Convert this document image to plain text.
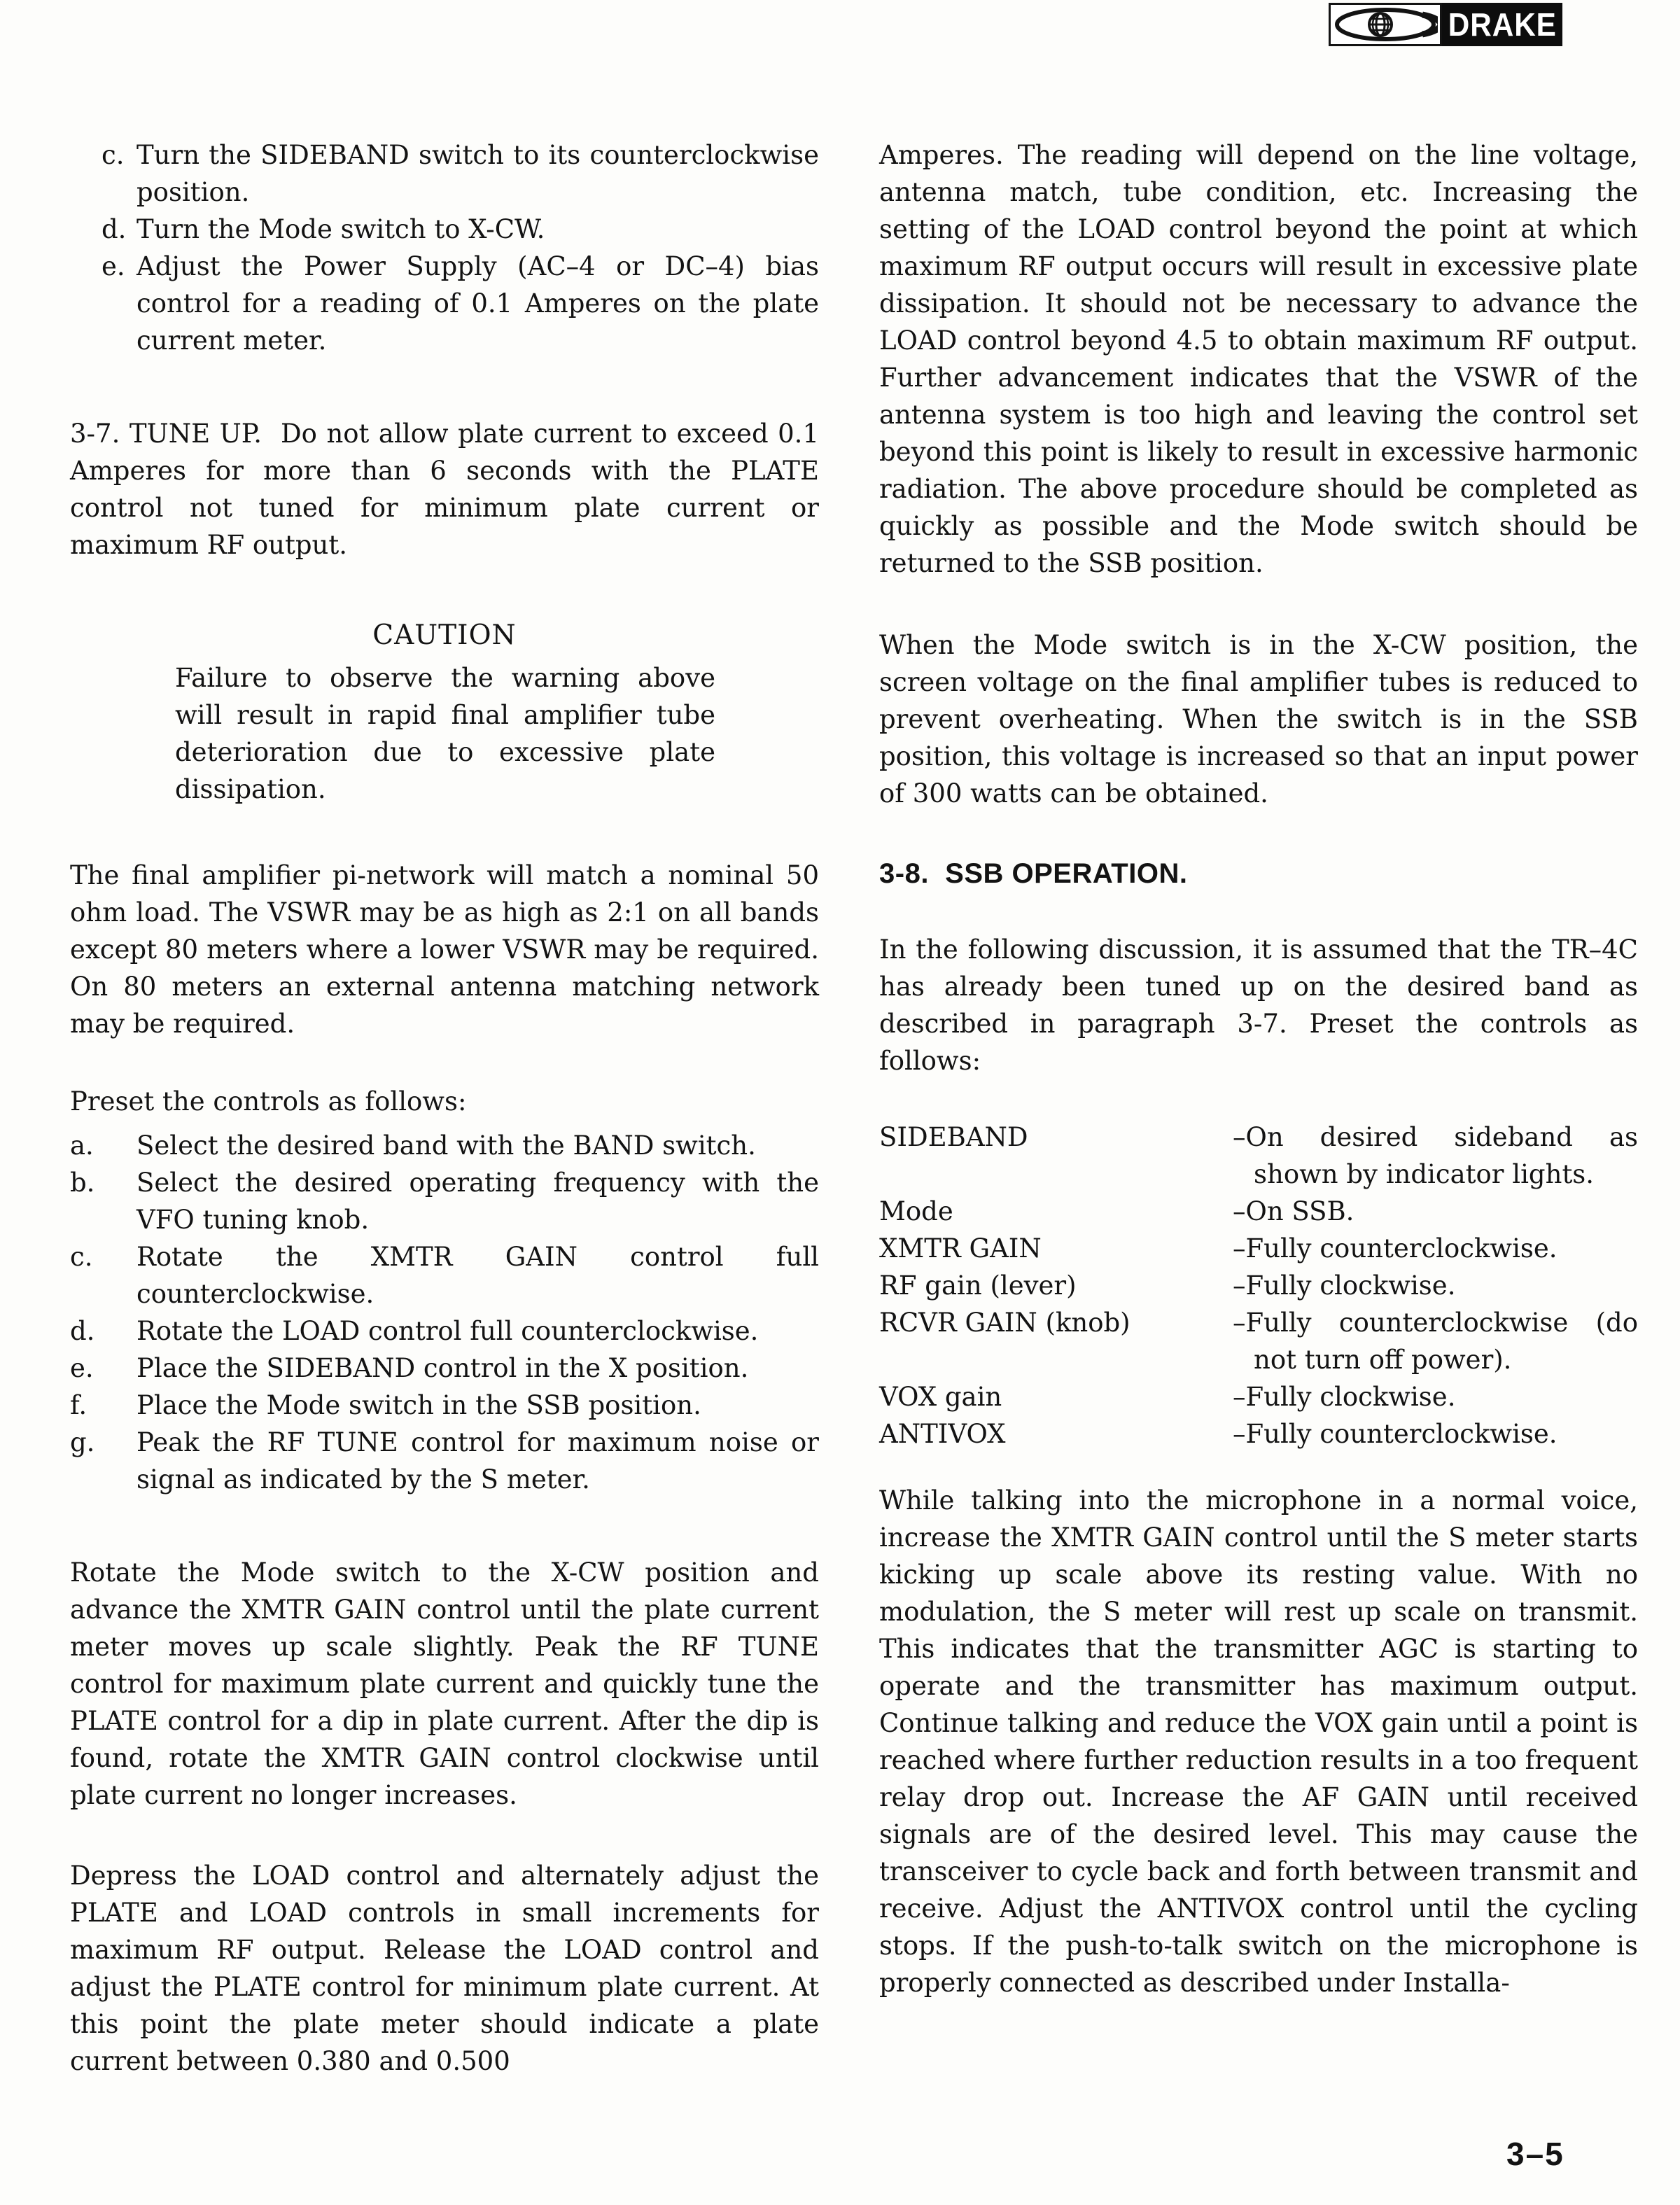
DRAKE
c. Turn the SIDEBAND switch to its counterclockwise position.
d. Turn the Mode switch to X-CW.
e. Adjust the Power Supply (AC–4 or DC–4) bias control for a reading of 0.1 Amperes on the plate current meter.
3-7. TUNE UP.  Do not allow plate current to exceed 0.1 Amperes for more than 6 seconds with the PLATE control not tuned for minimum plate current or maximum RF output.
CAUTION
Failure to observe the warning above will result in rapid final amplifier tube deterioration due to excessive plate dissipation.
The final amplifier pi-network will match a nominal 50 ohm load. The VSWR may be as high as 2:1 on all bands except 80 meters where a lower VSWR may be required. On 80 meters an external antenna matching network may be required.
Preset the controls as follows:
a.	Select the desired band with the BAND switch.
b.	Select the desired operating frequency with the VFO tuning knob.
c.	Rotate the XMTR GAIN control full counterclockwise.
d.	Rotate the LOAD control full counterclockwise.
e.	Place the SIDEBAND control in the X position.
f.	Place the Mode switch in the SSB position.
g.	Peak the RF TUNE control for maximum noise or signal as indicated by the S meter.
Rotate the Mode switch to the X-CW position and advance the XMTR GAIN control until the plate current meter moves up scale slightly. Peak the RF TUNE control for maximum plate current and quickly tune the PLATE control for a dip in plate current. After the dip is found, rotate the XMTR GAIN control clockwise until plate current no longer increases.
Depress the LOAD control and alternately adjust the PLATE and LOAD controls in small increments for maximum RF output. Release the LOAD control and adjust the PLATE control for minimum plate current. At this point the plate meter should indicate a plate current between 0.380 and 0.500
Amperes. The reading will depend on the line voltage, antenna match, tube condition, etc. Increasing the setting of the LOAD control beyond the point at which maximum RF output occurs will result in excessive plate dissipation. It should not be necessary to advance the LOAD control beyond 4.5 to obtain maximum RF output. Further advancement indicates that the VSWR of the antenna system is too high and leaving the control set beyond this point is likely to result in excessive harmonic radiation. The above procedure should be completed as quickly as possible and the Mode switch should be returned to the SSB position.
When the Mode switch is in the X-CW position, the screen voltage on the final amplifier tubes is reduced to prevent overheating. When the switch is in the SSB position, this voltage is increased so that an input power of 300 watts can be obtained.
3-8.  SSB OPERATION.
In the following discussion, it is assumed that the TR–4C has already been tuned up on the desired band as described in paragraph 3-7. Preset the controls as follows:
SIDEBAND	–On desired sideband as shown by indicator lights.
Mode	–On SSB.
XMTR GAIN	–Fully counterclockwise.
RF gain (lever)	–Fully clockwise.
RCVR GAIN (knob)	–Fully counterclockwise (do not turn off power).
VOX gain	–Fully clockwise.
ANTIVOX	–Fully counterclockwise.
While talking into the microphone in a normal voice, increase the XMTR GAIN control until the S meter starts kicking up scale above its resting value. With no modulation, the S meter will rest up scale on transmit. This indicates that the transmitter AGC is starting to operate and the transmitter has maximum output. Continue talking and reduce the VOX gain until a point is reached where further reduction results in a too frequent relay drop out. Increase the AF GAIN until received signals are of the desired level. This may cause the transceiver to cycle back and forth between transmit and receive. Adjust the ANTIVOX control until the cycling stops. If the push-to-talk switch on the microphone is properly connected as described under Installa-
3–5
